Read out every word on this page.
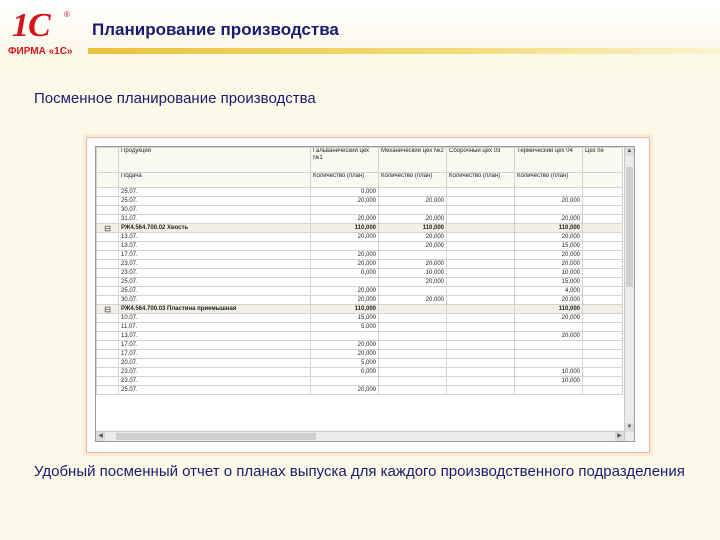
1С ®
ФИРМА «1С»
Планирование производства
Посменное планирование производства
	Продукция	Гальванический цех №1	Механический цех №2	Сборочный цех 03	Термический цех 04	Цех пе
	Подача	Количество (план)	Количество (план)	Количество (план)	Количество (план)	
	25.07.	0,000				
	25.07.	20,000	20,000		20,000	
	30.07.					
	31.07.	20,000	20,000		20,000	
⊟	РЖ4.564.700.02 Хвость	110,000	110,000		110,000	
	13.07.	20,000	20,000		20,000	
	13.07.		20,000		15,000	
	17.07.	20,000			20,000	
	23.07.	20,000	20,000		20,000	
	23.07.	0,000	10,000		10,000	
	25.07.		20,000		15,000	
	25.07.	20,000			4,000	
	30.07.	20,000	20,000		20,000	
⊟	РЖ4.564.700.03 Пластина приемышная	110,000			110,000	
	10.07.	15,000			20,000	
	11.07.	5,000				
	13.07.				20,000	
	17.07.	20,000				
	17.07.	20,000				
	20.07.	5,000				
	23.07.	0,000			10,000	
	23.07.				10,000	
	25.07.	20,000				
▲
▼
◀	▶
Удобный посменный отчет о планах выпуска для каждого производственного подразделения
